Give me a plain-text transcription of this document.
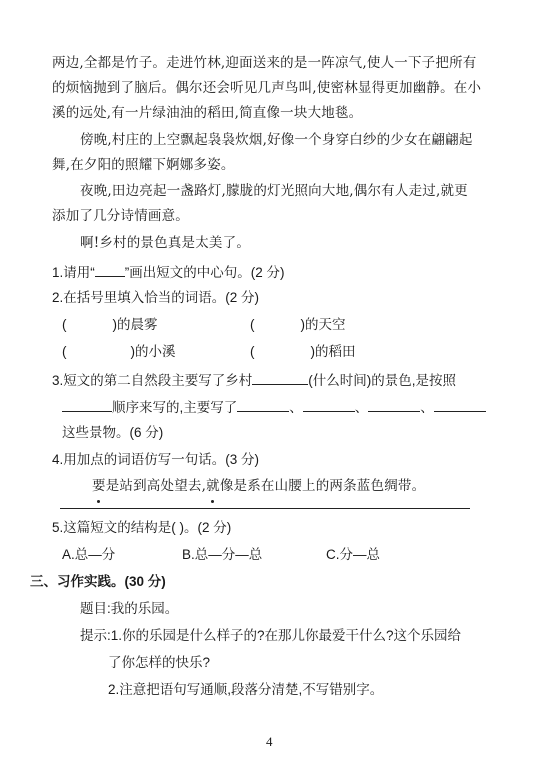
两边,全都是竹子。走进竹林,迎面送来的是一阵凉气,使人一下子把所有
的烦恼抛到了脑后。偶尔还会听见几声鸟叫,使密林显得更加幽静。在小
溪的远处,有一片绿油油的稻田,简直像一块大地毯。
傍晚,村庄的上空飘起袅袅炊烟,好像一个身穿白纱的少女在翩翩起
舞,在夕阳的照耀下婀娜多姿。
夜晚,田边亮起一盏路灯,朦胧的灯光照向大地,偶尔有人走过,就更
添加了几分诗情画意。
啊!乡村的景色真是太美了。
1.请用“ ”画出短文的中心句。(2 分)
2.在括号里填入恰当的词语。(2 分)
(	)的晨雾	(	)的天空
(	)的小溪	(	)的稻田
3.短文的第二自然段主要写了乡村	(什么时间)的景色,是按照
顺序来写的,主要写了	、	、	、
这些景物。(6 分)
4.用加点的词语仿写一句话。(3 分)
要是站到高处望去,就像是系在山腰上的两条蓝色绸带。
5.这篇短文的结构是( )。(2 分)
A.总—分	B.总—分—总	C.分—总
三、习作实践。(30 分)
题目:我的乐园。
提示:1.你的乐园是什么样子的?在那儿你最爱干什么?这个乐园给
了你怎样的快乐?
2.注意把语句写通顺,段落分清楚,不写错别字。
4
